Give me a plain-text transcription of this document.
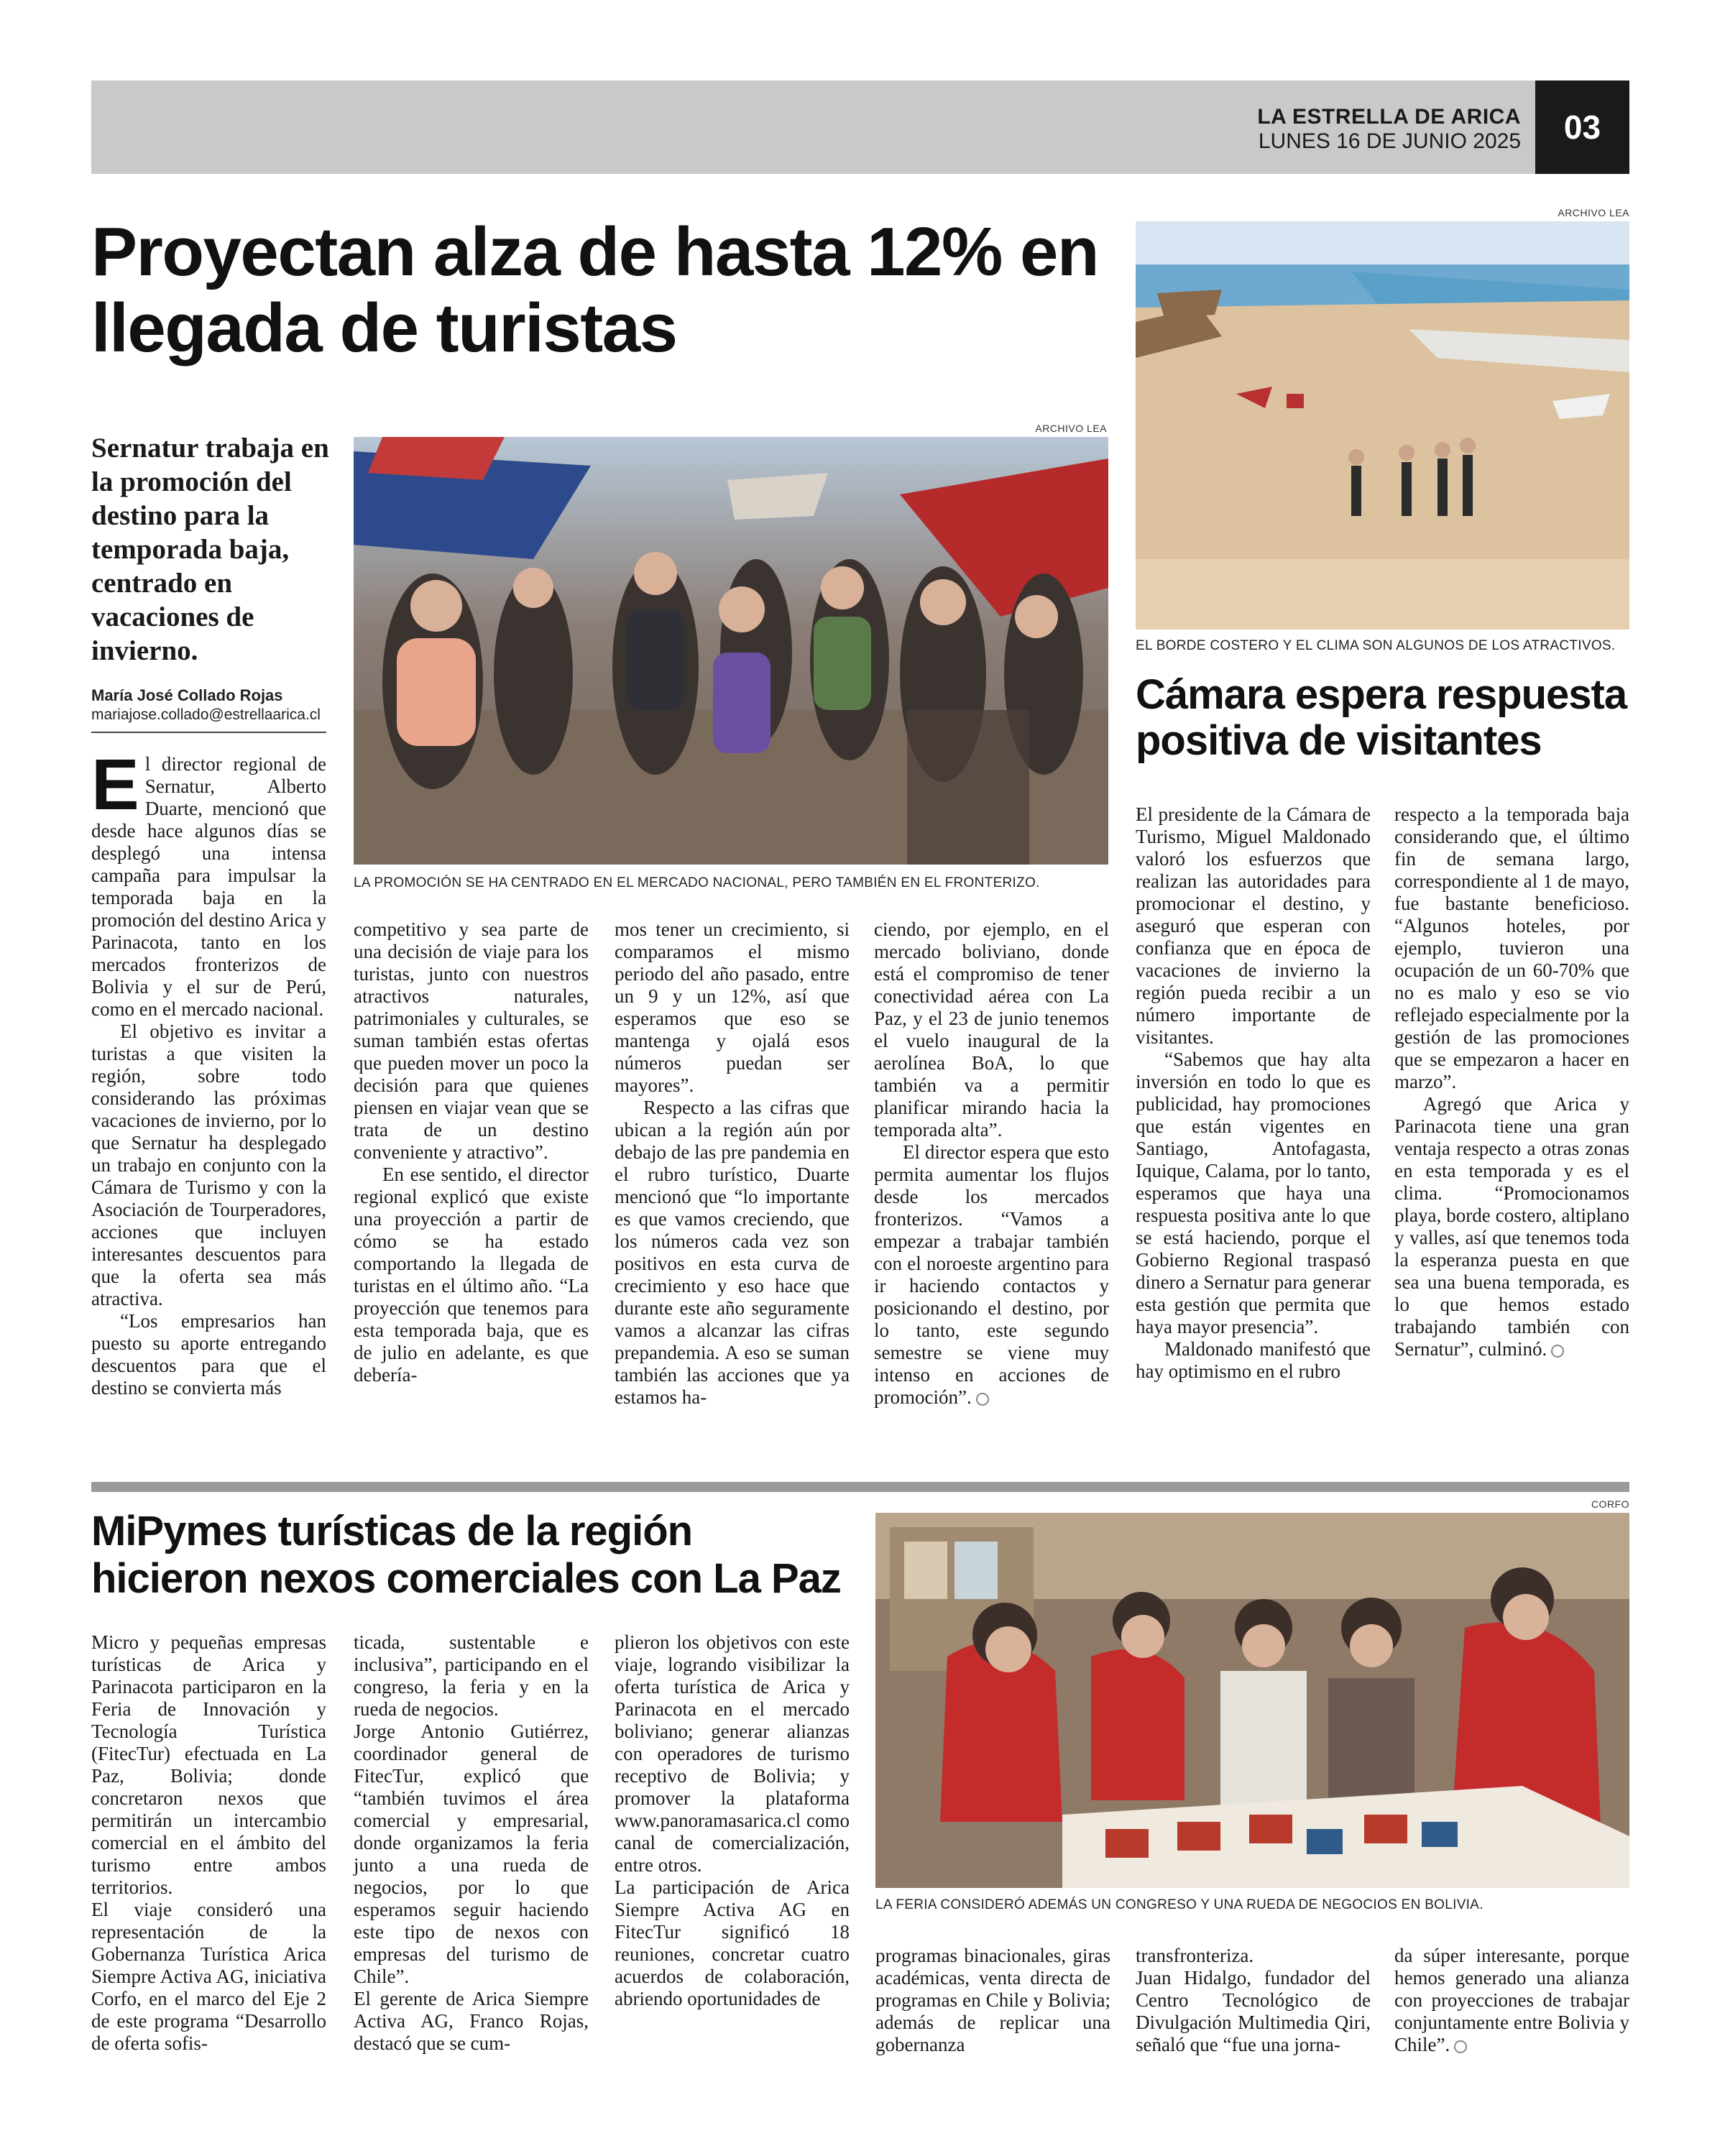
LA ESTRELLA DE ARICA
LUNES 16 DE JUNIO 2025	03
Proyectan alza de hasta 12% en llegada de turistas
Sernatur trabaja en la promoción del destino para la temporada baja, centrado en vacaciones de invierno.
María José Collado Rojas
mariajose.collado@estrellaarica.cl
ARCHIVO LEA
LA PROMOCIÓN SE HA CENTRADO EN EL MERCADO NACIONAL, PERO TAMBIÉN EN EL FRONTERIZO.

El director regional de Sernatur, Alberto Duarte, mencionó que desde hace algunos días se desplegó una intensa campaña para impulsar la temporada baja en la promoción del destino Arica y Parinacota, tanto en los mercados fronterizos de Bolivia y el sur de Perú, como en el mercado nacional.

El objetivo es invitar a turistas a que visiten la región, sobre todo considerando las próximas vacaciones de invierno, por lo que Sernatur ha desplegado un trabajo en conjunto con la Cámara de Turismo y con la Asociación de Tourperadores, acciones que incluyen interesantes descuentos para que la oferta sea más atractiva.

“Los empresarios han puesto su aporte entregando descuentos para que el destino se convierta más

competitivo y sea parte de una decisión de viaje para los turistas, junto con nuestros atractivos naturales, patrimoniales y culturales, se suman también estas ofertas que pueden mover un poco la decisión para que quienes piensen en viajar vean que se trata de un destino conveniente y atractivo”.

En ese sentido, el director regional explicó que existe una proyección a partir de cómo se ha estado comportando la llegada de turistas en el último año. “La proyección que tenemos para esta temporada baja, que es de julio en adelante, es que debería-

mos tener un crecimiento, si comparamos el mismo periodo del año pasado, entre un 9 y un 12%, así que esperamos que eso se mantenga y ojalá esos números puedan ser mayores”.

Respecto a las cifras que ubican a la región aún por debajo de las pre pandemia en el rubro turístico, Duarte mencionó que “lo importante es que vamos creciendo, que los números cada vez son positivos en esta curva de crecimiento y eso hace que durante este año seguramente vamos a alcanzar las cifras prepandemia. A eso se suman también las acciones que ya estamos ha-

ciendo, por ejemplo, en el mercado boliviano, donde está el compromiso de tener conectividad aérea con La Paz, y el 23 de junio tenemos el vuelo inaugural de la aerolínea BoA, lo que también va a permitir planificar mirando hacia la temporada alta”.

El director espera que esto permita aumentar los flujos desde los mercados fronterizos. “Vamos a empezar a trabajar también con el noroeste argentino para ir haciendo contactos y posicionando el destino, por lo tanto, este segundo semestre se viene muy intenso en acciones de promoción”.

ARCHIVO LEA
EL BORDE COSTERO Y EL CLIMA SON ALGUNOS DE LOS ATRACTIVOS.
Cámara espera respuesta positiva de visitantes

El presidente de la Cámara de Turismo, Miguel Maldonado valoró los esfuerzos que realizan las autoridades para promocionar el destino, y aseguró que esperan con confianza que en época de vacaciones de invierno la región pueda recibir a un número importante de visitantes.

“Sabemos que hay alta inversión en todo lo que es publicidad, hay promociones que están vigentes en Santiago, Antofagasta, Iquique, Calama, por lo tanto, esperamos que haya una respuesta positiva ante lo que se está haciendo, porque el Gobierno Regional traspasó dinero a Sernatur para generar esta gestión que permita que haya mayor presencia”.

Maldonado manifestó que hay optimismo en el rubro

respecto a la temporada baja considerando que, el último fin de semana largo, correspondiente al 1 de mayo, fue bastante beneficioso. “Algunos hoteles, por ejemplo, tuvieron una ocupación de un 60-70% que no es malo y eso se vio reflejado especialmente por la gestión de las promociones que se empezaron a hacer en marzo”.

Agregó que Arica y Parinacota tiene una gran ventaja respecto a otras zonas en esta temporada y es el clima. “Promocionamos playa, borde costero, altiplano y valles, así que tenemos toda la esperanza puesta en que sea una buena temporada, es lo que hemos estado trabajando también con Sernatur”, culminó.

MiPymes turísticas de la región hicieron nexos comerciales con La Paz
CORFO
LA FERIA CONSIDERÓ ADEMÁS UN CONGRESO Y UNA RUEDA DE NEGOCIOS EN BOLIVIA.

Micro y pequeñas empresas turísticas de Arica y Parinacota participaron en la Feria de Innovación y Tecnología Turística (FitecTur) efectuada en La Paz, Bolivia; donde concretaron nexos que permitirán un intercambio comercial en el ámbito del turismo entre ambos territorios.

El viaje consideró una representación de la Gobernanza Turística Arica Siempre Activa AG, iniciativa Corfo, en el marco del Eje 2 de este programa “Desarrollo de oferta sofis-

ticada, sustentable e inclusiva”, participando en el congreso, la feria y en la rueda de negocios.

Jorge Antonio Gutiérrez, coordinador general de FitecTur, explicó que “también tuvimos el área comercial y empresarial, donde organizamos la feria junto a una rueda de negocios, por lo que esperamos seguir haciendo este tipo de nexos con empresas del turismo de Chile”.

El gerente de Arica Siempre Activa AG, Franco Rojas, destacó que se cum-

plieron los objetivos con este viaje, logrando visibilizar la oferta turística de Arica y Parinacota en el mercado boliviano; generar alianzas con operadores de turismo receptivo de Bolivia; y promover la plataforma www.panoramasarica.cl como canal de comercialización, entre otros.

La participación de Arica Siempre Activa AG en FitecTur significó 18 reuniones, concretar cuatro acuerdos de colaboración, abriendo oportunidades de

programas binacionales, giras académicas, venta directa de programas en Chile y Bolivia; además de replicar una gobernanza

transfronteriza.

Juan Hidalgo, fundador del Centro Tecnológico de Divulgación Multimedia Qiri, señaló que “fue una jorna-

da súper interesante, porque hemos generado una alianza con proyecciones de trabajar conjuntamente entre Bolivia y Chile”.
